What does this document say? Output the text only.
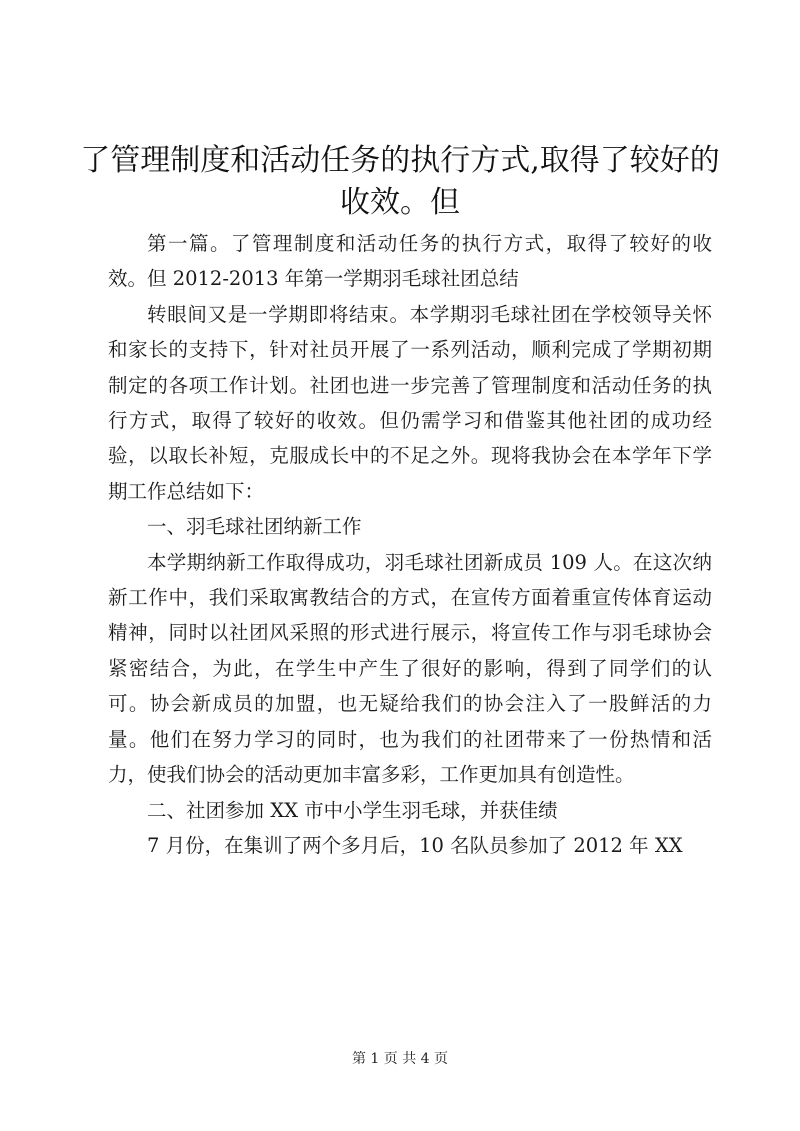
了管理制度和活动任务的执行方式,取得了较好的收效。但

第一篇。了管理制度和活动任务的执行方式，取得了较好的收效。但 2012-2013 年第一学期羽毛球社团总结

转眼间又是一学期即将结束。本学期羽毛球社团在学校领导关怀和家长的支持下，针对社员开展了一系列活动，顺利完成了学期初期制定的各项工作计划。社团也进一步完善了管理制度和活动任务的执行方式，取得了较好的收效。但仍需学习和借鉴其他社团的成功经验，以取长补短，克服成长中的不足之外。现将我协会在本学年下学期工作总结如下：

一、羽毛球社团纳新工作

本学期纳新工作取得成功，羽毛球社团新成员 109 人。在这次纳新工作中，我们采取寓教结合的方式，在宣传方面着重宣传体育运动精神，同时以社团风采照的形式进行展示，将宣传工作与羽毛球协会紧密结合，为此，在学生中产生了很好的影响，得到了同学们的认可。协会新成员的加盟，也无疑给我们的协会注入了一股鲜活的力量。他们在努力学习的同时，也为我们的社团带来了一份热情和活力，使我们协会的活动更加丰富多彩，工作更加具有创造性。

二、社团参加 XX 市中小学生羽毛球，并获佳绩

7 月份，在集训了两个多月后，10 名队员参加了 2012 年 XX

第 1 页 共 4 页
